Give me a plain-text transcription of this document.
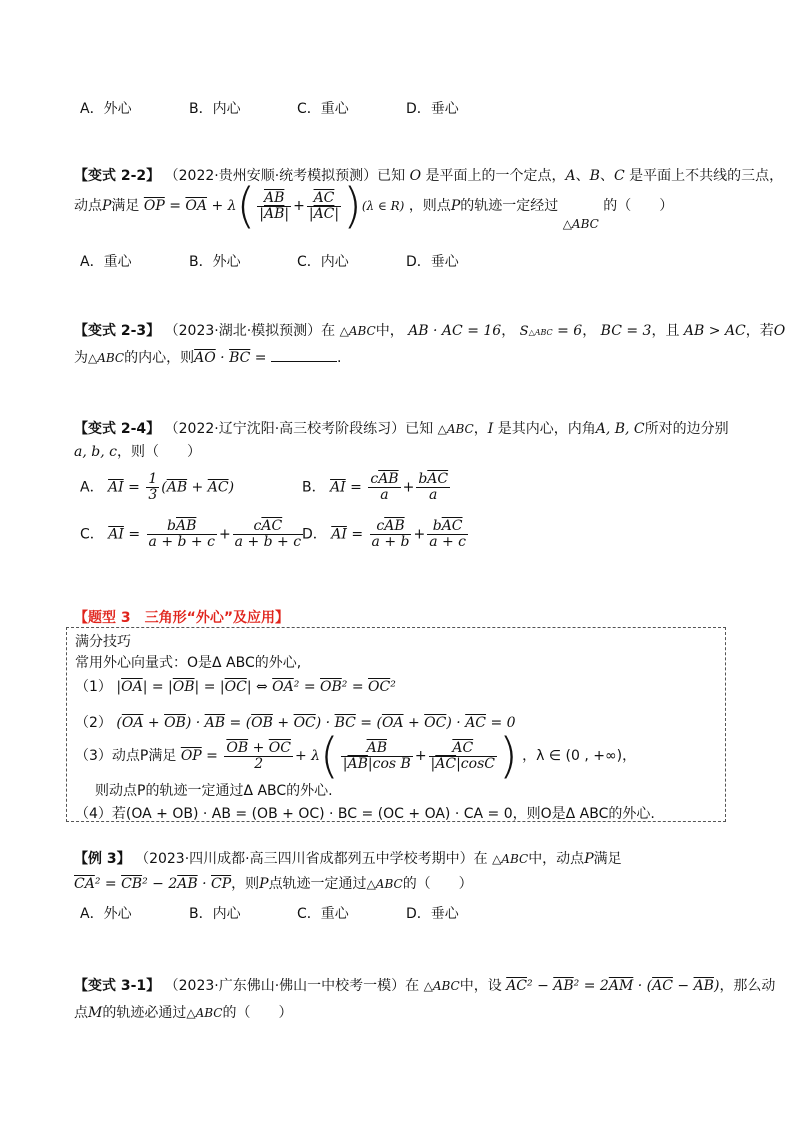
A．外心	B．内心	C．重心	D．垂心
【变式 2-2】 （2022·贵州安顺·统考模拟预测）已知 O 是平面上的一个定点，A、B、C 是平面上不共线的三点，
动点P满足 $\overline{OP} = \overline{OA} + \lambda( \frac{\overline{AB}}{|\overline{AB}|} + \frac{\overline{AC}}{|\overline{AC}|} )(\lambda$ ∈ R) ，则点P的轨迹一定经过 △ABC 的（　　）
A．重心	B．外心	C．内心	D．垂心
【变式 2-3】 （2023·湖北·模拟预测）在 △ABC中， AB · AC = 16， S△ABC = 6， BC = 3，且 AB > AC，若O
为△ABC的内心，则$\overline{AO} \cdot \overline{BC}$ =	.
【变式 2-4】 （2022·辽宁沈阳·高三校考阶段练习）已知 △ABC，I 是其内心，内角A, B, C所对的边分别
a, b, c，则（　　）
A． $\overline{AI} = \frac{1}{3} (\overline{AB} + \overline{AC})$	B． $\overline{AI} = \frac{c\overline{AB}}{a} + \frac{b\overline{AC}}{a}$
C． $\overline{AI} = \frac{b\overline{AB}}{a + b + c} + \frac{c\overline{AC}}{a + b + c}$
D． $\overline{AI} = \frac{c\overline{AB}}{a + b} + \frac{b\overline{AC}}{a + c}$
【题型 3　三角形“外心”及应用】
满分技巧
常用外心向量式：O是Δ ABC的外心,
（1） $|\overline{OA}| = |\overline{OB}| = |\overline{OC}|$ ⇔ $\overline{OA}^2 = \overline{OB}^2 = \overline{OC}^2$
（2） $(\overline{OA} + \overline{OB}) \cdot \overline{AB} = (\overline{OB} + \overline{OC}) \cdot \overline{BC} = (\overline{OA} + \overline{OC}) \cdot \overline{AC} = 0$
（3）动点P满足 $\overline{OP} = \frac{\overline{OB} + \overline{OC}}{2} + \lambda( \frac{\overline{AB}}{|\overline{AB}|\cos B} + \frac{\overline{AC}}{|\overline{AC}|\cos C}$ ) ，λ ∈ (0 , +∞)，
则动点P的轨迹一定通过Δ ABC的外心.
（4）若(OA + OB) · AB = (OB + OC) · BC = (OC + OA) · CA = 0，则O是Δ ABC的外心.
【例 3】 （2023·四川成都·高三四川省成都列五中学校考期中）在 △ABC中，动点P满足
$\overline{CA}^2 = \overline{CB}^2 - 2\overline{AB} \cdot \overline{CP}$，则P点轨迹一定通过△ABC的（　　）
A．外心	B．内心	C．重心	D．垂心
【变式 3-1】 （2023·广东佛山·佛山一中校考一模）在 △ABC中，设 $\overline{AC}^2 - \overline{AB}^2 = 2\overline{AM} \cdot (\overline{AC} - \overline{AB})$，那么动
点M的轨迹必通过△ABC的（　　）
